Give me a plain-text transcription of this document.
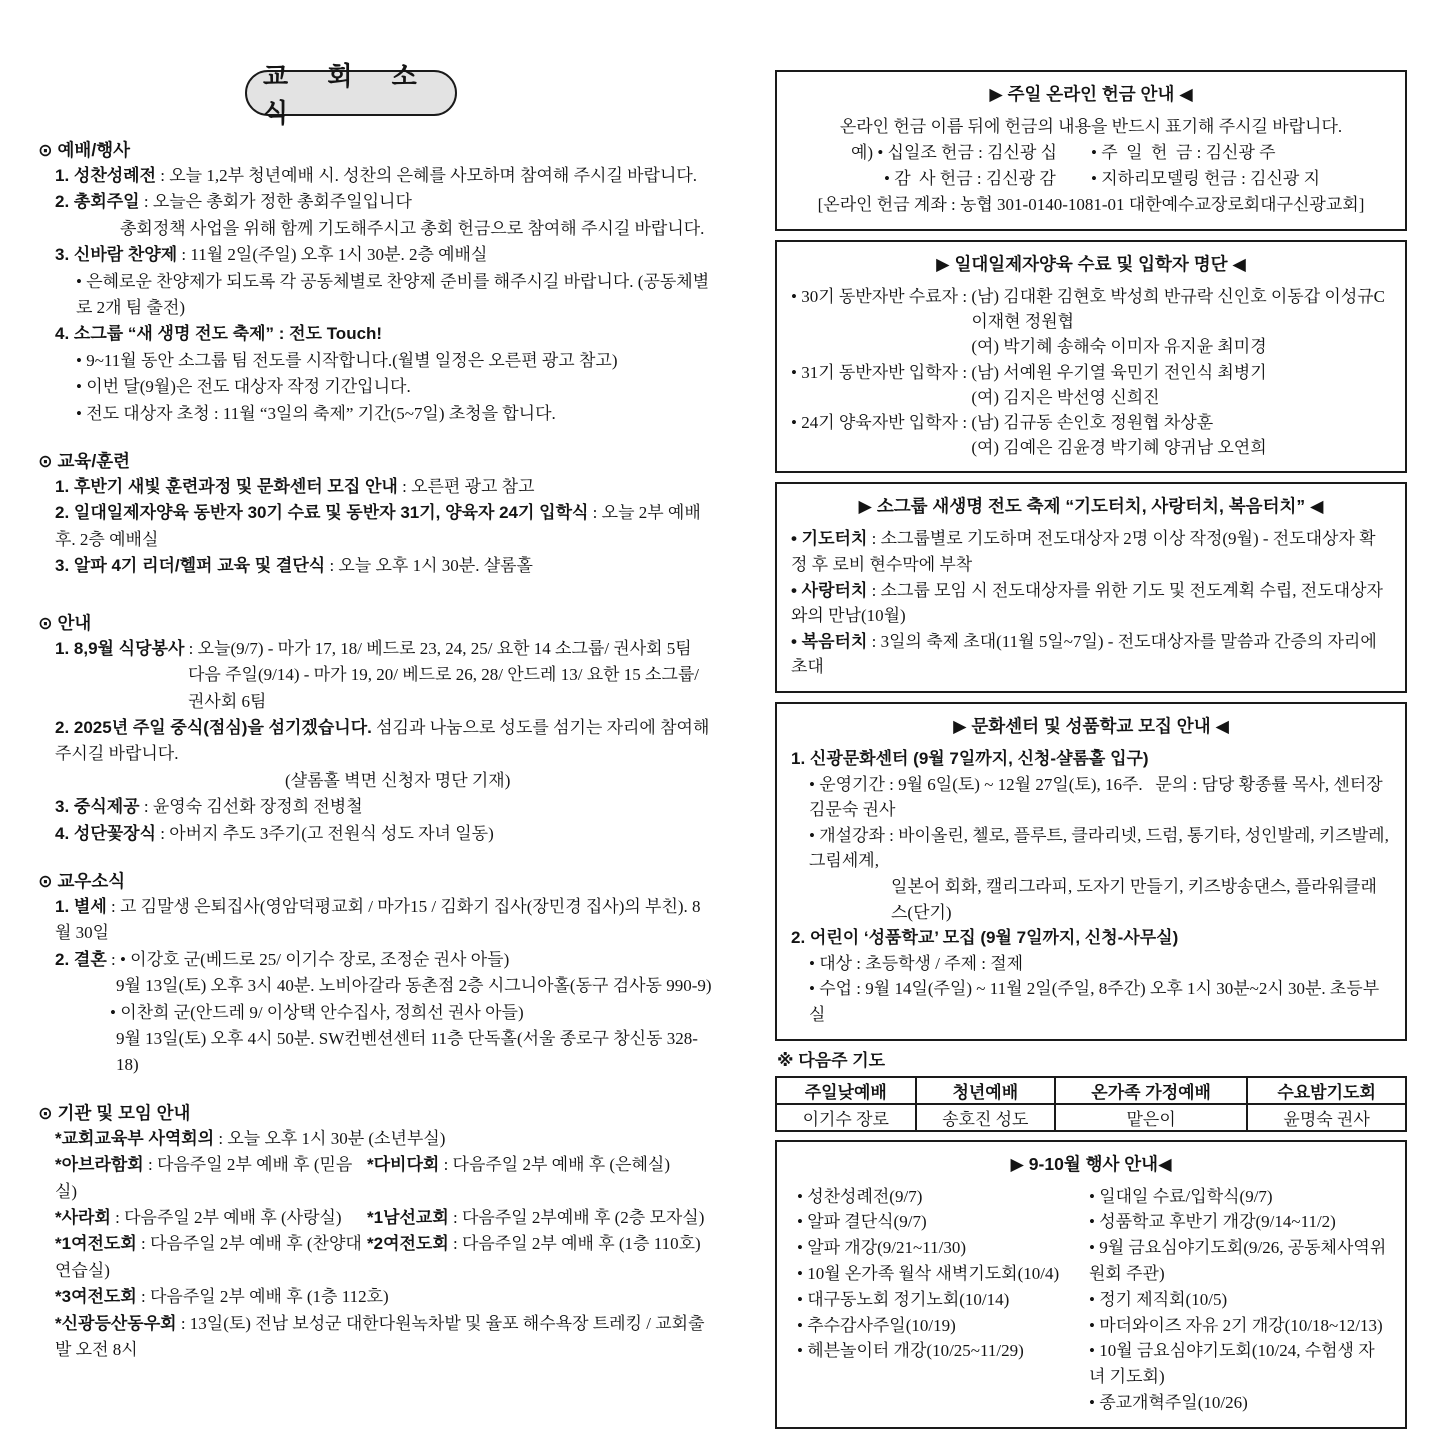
교 회 소 식
⊙ 예배/행사
1. 성찬성례전 : 오늘 1,2부 청년예배 시. 성찬의 은혜를 사모하며 참여해 주시길 바랍니다.
2. 총회주일 : 오늘은 총회가 정한 총회주일입니다
총회정책 사업을 위해 함께 기도해주시고 총회 헌금으로 참여해 주시길 바랍니다.
3. 신바람 찬양제 : 11월 2일(주일) 오후 1시 30분. 2층 예배실
• 은혜로운 찬양제가 되도록 각 공동체별로 찬양제 준비를 해주시길 바랍니다. (공동체별로 2개 팀 출전)
4. 소그룹 “새 생명 전도 축제” : 전도 Touch!
• 9~11월 동안 소그룹 팀 전도를 시작합니다.(월별 일정은 오른편 광고 참고)
• 이번 달(9월)은 전도 대상자 작정 기간입니다.
• 전도 대상자 초청 : 11월 “3일의 축제” 기간(5~7일) 초청을 합니다.
⊙ 교육/훈련
1. 후반기 새빛 훈련과정 및 문화센터 모집 안내 : 오른편 광고 참고
2. 일대일제자양육 동반자 30기 수료 및 동반자 31기, 양육자 24기 입학식 : 오늘 2부 예배 후. 2층 예배실
3. 알파 4기 리더/헬퍼 교육 및 결단식 : 오늘 오후 1시 30분. 샬롬홀
⊙ 안내
1. 8,9월 식당봉사 : 오늘(9/7) - 마가 17, 18/ 베드로 23, 24, 25/ 요한 14 소그룹/ 권사회 5팀
다음 주일(9/14) - 마가 19, 20/ 베드로 26, 28/ 안드레 13/ 요한 15 소그룹/ 권사회 6팀
2. 2025년 주일 중식(점심)을 섬기겠습니다. 섬김과 나눔으로 성도를 섬기는 자리에 참여해 주시길 바랍니다.
(샬롬홀 벽면 신청자 명단 기재)
3. 중식제공 : 윤영숙 김선화 장정희 전병철
4. 성단꽃장식 : 아버지 추도 3주기(고 전원식 성도 자녀 일동)
⊙ 교우소식
1. 별세 : 고 김말생 은퇴집사(영암덕평교회 / 마가15 / 김화기 집사(장민경 집사)의 부친). 8월 30일
2. 결혼 : • 이강호 군(베드로 25/ 이기수 장로, 조정순 권사 아들)
9월 13일(토) 오후 3시 40분. 노비아갈라 동촌점 2층 시그니아홀(동구 검사동 990-9)
• 이찬희 군(안드레 9/ 이상택 안수집사, 정희선 권사 아들)
9월 13일(토) 오후 4시 50분. SW컨벤션센터 11층 단독홀(서울 종로구 창신동 328-18)
⊙ 기관 및 모임 안내
*교회교육부 사역회의 : 오늘 오후 1시 30분 (소년부실)
*아브라함회 : 다음주일 2부 예배 후 (믿음실)
*다비다회 : 다음주일 2부 예배 후 (은혜실)
*사라회 : 다음주일 2부 예배 후 (사랑실)	*1남선교회 : 다음주일 2부예배 후 (2층 모자실)
*1여전도회 : 다음주일 2부 예배 후 (찬양대연습실)
*2여전도회 : 다음주일 2부 예배 후 (1층 110호)
*3여전도회 : 다음주일 2부 예배 후 (1층 112호)
*신광등산동우회 : 13일(토) 전남 보성군 대한다원녹차밭 및 율포 해수욕장 트레킹 / 교회출발 오전 8시
▶ 주일 온라인 헌금 안내 ◀
온라인 헌금 이름 뒤에 헌금의 내용을 반드시 표기해 주시길 바랍니다.
예) • 십일조 헌금 : 김신광 십	• 주  일  헌  금 : 김신광 주
• 감  사 헌금 : 김신광 감	• 지하리모델링 헌금 : 김신광 지
[온라인 헌금 계좌 : 농협 301-0140-1081-01 대한예수교장로회대구신광교회]
▶ 일대일제자양육 수료 및 입학자 명단 ◀
• 30기 동반자반 수료자 : (남) 김대환 김현호 박성희 반규락 신인호 이동갑 이성규C 이재현 정원협
(여) 박기혜 송해숙 이미자 유지윤 최미경
• 31기 동반자반 입학자 : (남) 서예원 우기열 육민기 전인식 최병기
(여) 김지은 박선영 신희진
• 24기 양육자반 입학자 : (남) 김규동 손인호 정원협 차상훈
(여) 김예은 김윤경 박기혜 양귀남 오연희
▶ 소그룹 새생명 전도 축제 “기도터치, 사랑터치, 복음터치” ◀
• 기도터치 : 소그룹별로 기도하며 전도대상자 2명 이상 작정(9월) - 전도대상자 확정 후 로비 현수막에 부착
• 사랑터치 : 소그룹 모임 시 전도대상자를 위한 기도 및 전도계획 수립, 전도대상자와의 만남(10월)
• 복음터치 : 3일의 축제 초대(11월 5일~7일) - 전도대상자를 말씀과 간증의 자리에 초대
▶ 문화센터 및 성품학교 모집 안내 ◀
1. 신광문화센터 (9월 7일까지, 신청-샬롬홀 입구)
• 운영기간 : 9월 6일(토) ~ 12월 27일(토), 16주.   문의 : 담당 황종률 목사, 센터장 김문숙 권사
• 개설강좌 : 바이올린, 첼로, 플루트, 클라리넷, 드럼, 통기타, 성인발레, 키즈발레, 그림세계,
일본어 회화, 캘리그라피, 도자기 만들기, 키즈방송댄스, 플라워클래스(단기)
2. 어린이 ‘성품학교’ 모집 (9월 7일까지, 신청-사무실)
• 대상 : 초등학생 / 주제 : 절제
• 수업 : 9월 14일(주일) ~ 11월 2일(주일, 8주간) 오후 1시 30분~2시 30분. 초등부실
※ 다음주 기도
주일낮예배	청년예배	온가족 가정예배	수요밤기도회
이기수 장로	송호진 성도	맡은이	윤명숙 권사
▶ 9-10월 행사 안내◀
• 성찬성례전(9/7)
• 알파 결단식(9/7)
• 알파 개강(9/21~11/30)
• 10월 온가족 월삭 새벽기도회(10/4)
• 대구동노회 정기노회(10/14)
• 추수감사주일(10/19)
• 헤븐놀이터 개강(10/25~11/29)
• 일대일 수료/입학식(9/7)
• 성품학교 후반기 개강(9/14~11/2)
• 9월 금요심야기도회(9/26, 공동체사역위원회 주관)
• 정기 제직회(10/5)
• 마더와이즈 자유 2기 개강(10/18~12/13)
• 10월 금요심야기도회(10/24, 수험생 자녀 기도회)
• 종교개혁주일(10/26)
